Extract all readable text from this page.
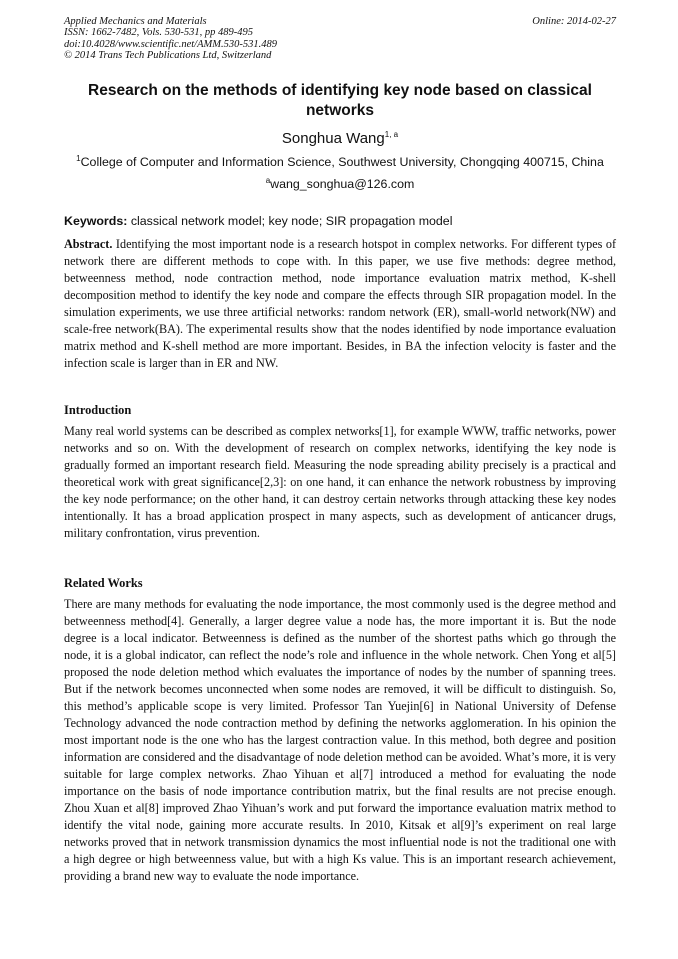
Applied Mechanics and Materials
ISSN: 1662-7482, Vols. 530-531, pp 489-495
doi:10.4028/www.scientific.net/AMM.530-531.489
© 2014 Trans Tech Publications Ltd, Switzerland
Online: 2014-02-27
Research on the methods of identifying key node based on classical networks
Songhua Wang$^{1, a}$
$^1$College of Computer and Information Science, Southwest University, Chongqing 400715, China
$^a$wang_songhua@126.com
Keywords: classical network model; key node; SIR propagation model
Abstract. Identifying the most important node is a research hotspot in complex networks. For different types of network there are different methods to cope with. In this paper, we use five methods: degree method, betweenness method, node contraction method, node importance evaluation matrix method, K-shell decomposition method to identify the key node and compare the effects through SIR propagation model. In the simulation experiments, we use three artificial networks: random network (ER), small-world network(NW) and scale-free network(BA). The experimental results show that the nodes identified by node importance evaluation matrix method and K-shell method are more important. Besides, in BA the infection velocity is faster and the infection scale is larger than in ER and NW.
Introduction
Many real world systems can be described as complex networks[1], for example WWW, traffic networks, power networks and so on. With the development of research on complex networks, identifying the key node is gradually formed an important research field. Measuring the node spreading ability precisely is a practical and theoretical work with great significance[2,3]: on one hand, it can enhance the network robustness by improving the key node performance; on the other hand, it can destroy certain networks through attacking these key nodes intentionally. It has a broad application prospect in many aspects, such as development of anticancer drugs, military confrontation, virus prevention.
Related Works
There are many methods for evaluating the node importance, the most commonly used is the degree method and betweenness method[4]. Generally, a larger degree value a node has, the more important it is. But the node degree is a local indicator. Betweenness is defined as the number of the shortest paths which go through the node, it is a global indicator, can reflect the node’s role and influence in the whole network. Chen Yong et al[5] proposed the node deletion method which evaluates the importance of nodes by the number of spanning trees. But if the network becomes unconnected when some nodes are removed, it will be difficult to distinguish. So, this method’s applicable scope is very limited. Professor Tan Yuejin[6] in National University of Defense Technology advanced the node contraction method by defining the networks agglomeration. In his opinion the most important node is the one who has the largest contraction value. In this method, both degree and position information are considered and the disadvantage of node deletion method can be avoided. What’s more, it is very suitable for large complex networks. Zhao Yihuan et al[7] introduced a method for evaluating the node importance on the basis of node importance contribution matrix, but the final results are not precise enough. Zhou Xuan et al[8] improved Zhao Yihuan’s work and put forward the importance evaluation matrix method to identify the vital node, gaining more accurate results. In 2010, Kitsak et al[9]’s experiment on real large networks proved that in network transmission dynamics the most influential node is not the traditional one with a high degree or high betweenness value, but with a high Ks value. This is an important research achievement, providing a brand new way to evaluate the node importance.
